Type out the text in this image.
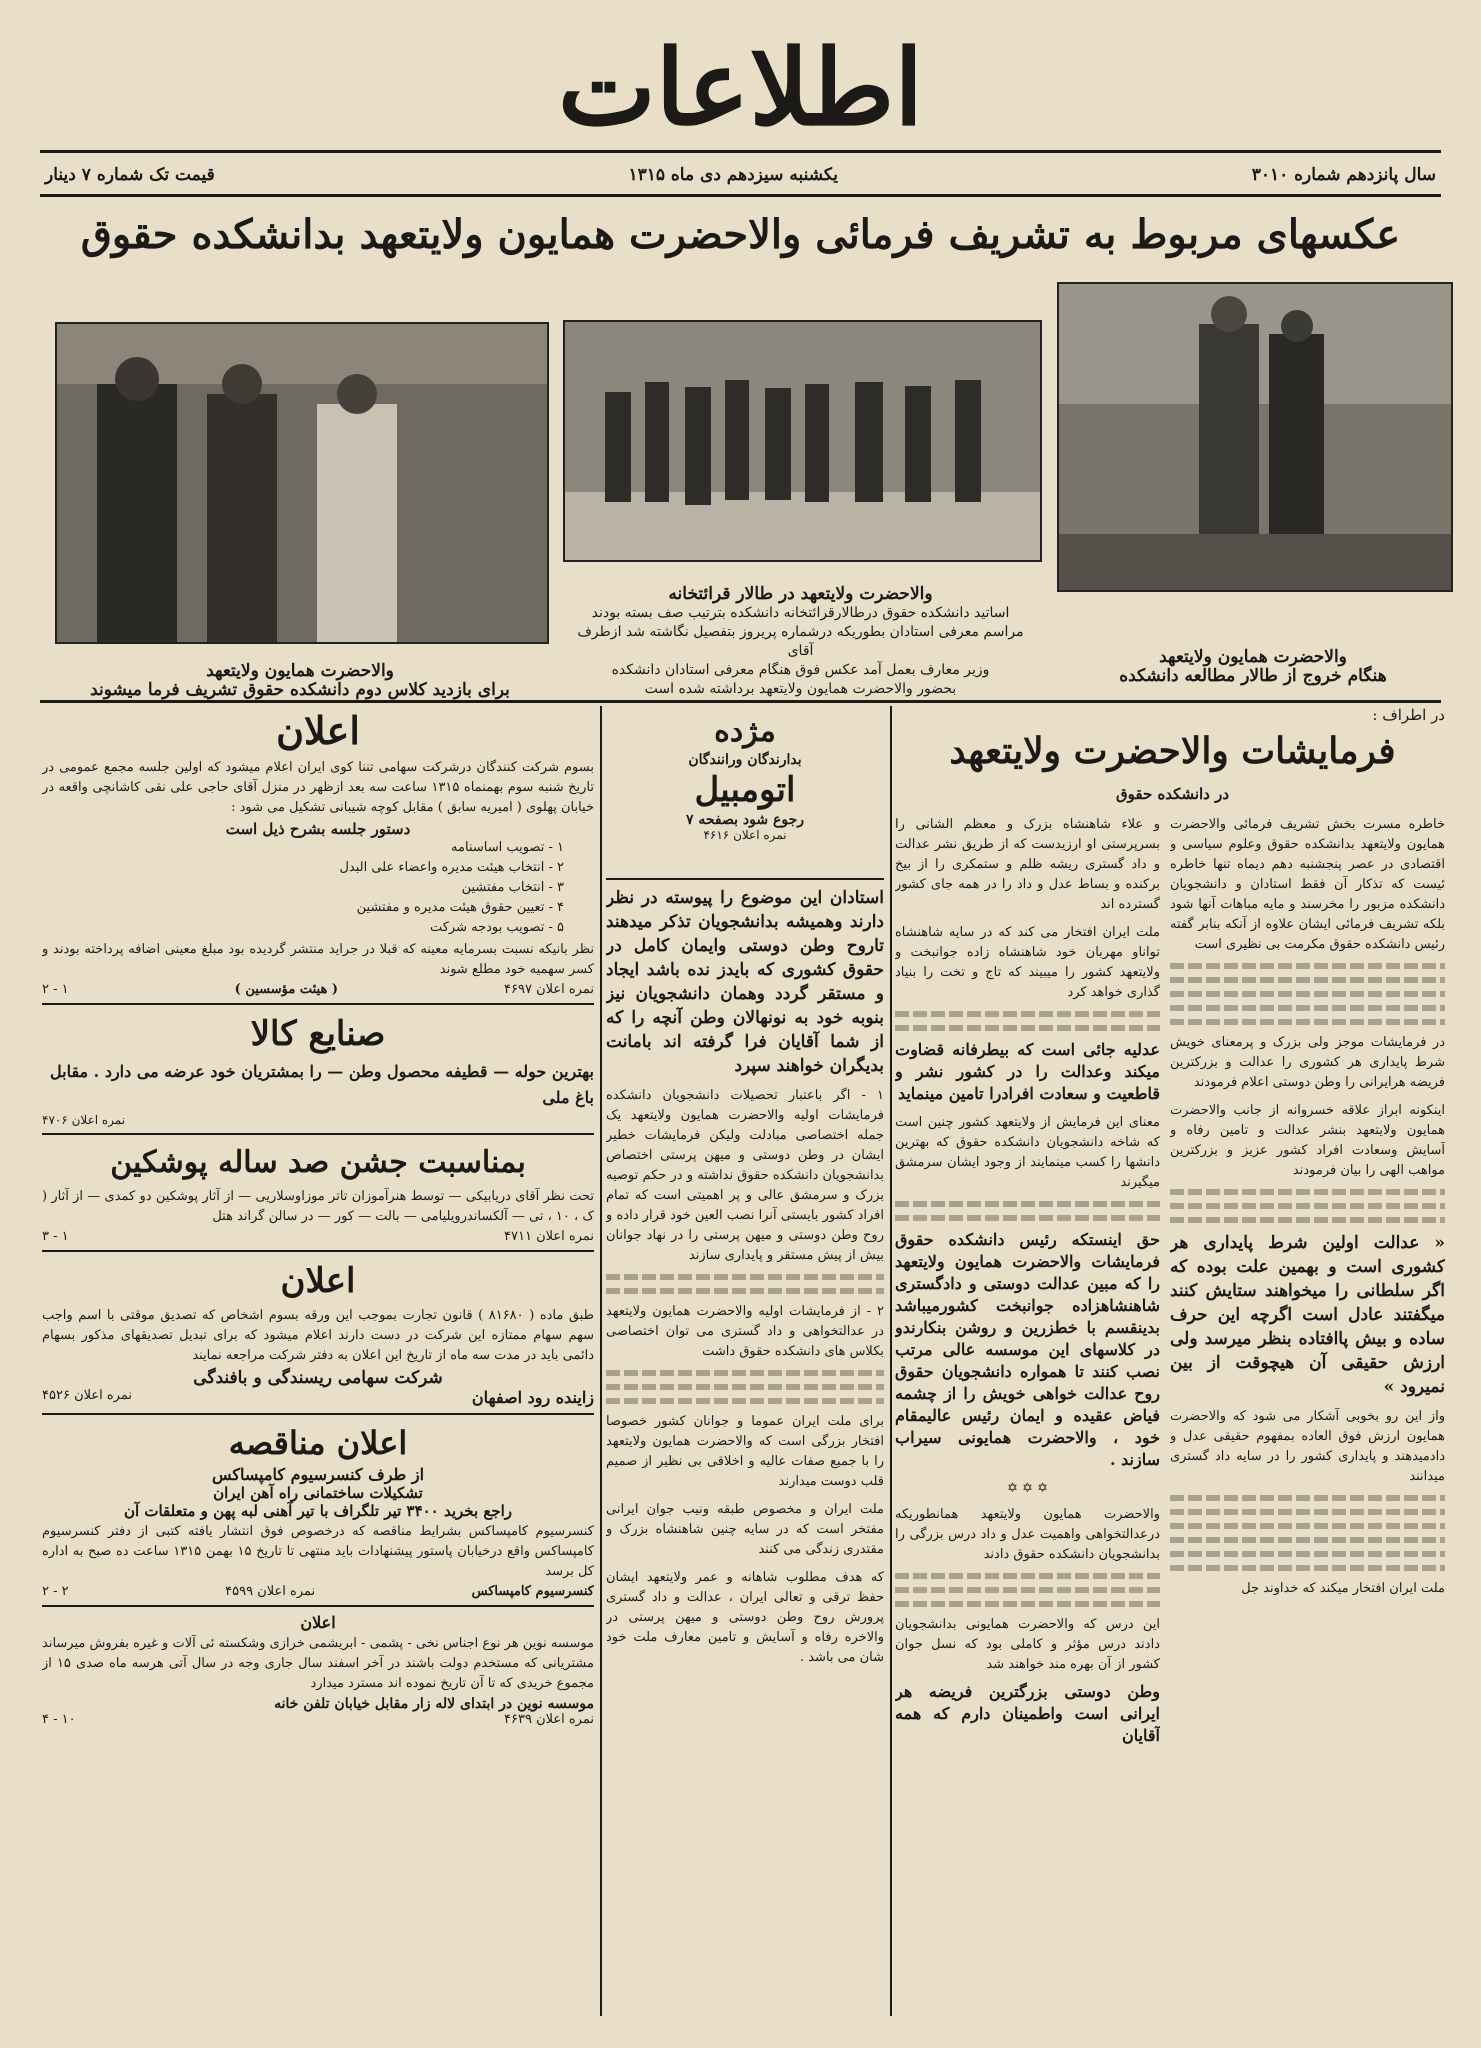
اطلاعات
سال پانزدهم شماره ۳۰۱۰
یکشنبه سیزدهم دی ماه ۱۳۱۵
قیمت تک شماره ۷ دینار
عکسهای مربوط به تشریف فرمائی والاحضرت همایون ولایتعهد بدانشکده حقوق
والاحضرت همایون ولایتعهد
هنگام خروج از طالار مطالعه دانشکده
والاحضرت ولایتعهد در طالار قرائتخانه
اساتید دانشکده حقوق درطالارقرائتخانه دانشکده بترتیب صف بسته بودند
مراسم معرفی استادان بطوریکه درشماره پریروز بتفصیل نگاشته شد ازطرف آقای
وزیر معارف بعمل آمد عکس فوق هنگام معرفی استادان دانشکده
بحضور والاحضرت همایون ولایتعهد برداشته شده است
والاحضرت همایون ولایتعهد
برای بازدید کلاس دوم دانشکده حقوق تشریف فرما میشوند
در اطراف :
فرمایشات والاحضرت ولایتعهد
در دانشکده حقوق

خاطره مسرت بخش تشریف فرمائی والاحضرت همایون ولایتعهد بدانشکده حقوق وعلوم سیاسی و اقتصادی در عصر پنجشنبه دهم دیماه تنها خاطره ئیست که تذکار آن فقط استادان و دانشجویان دانشکده مزبور را مخرسند و مایه مباهات آنها شود بلکه تشریف فرمائی ایشان علاوه از آنکه بنابر گفته رئیس دانشکده حقوق مکرمت بی نظیری است

در فرمایشات موجز ولی بزرک و پرمعنای خویش شرط پایداری هر کشوری را عدالت و بزرکترین فریضه هرایرانی را وطن دوستی اعلام فرمودند

اینکونه ابراز علاقه خسروانه از جانب والاحضرت همایون ولایتعهد بنشر عدالت و تامین رفاه و آسایش وسعادت افراد کشور عزیز و بزرکترین مواهب الهی را بیان فرمودند

« عدالت اولین شرط پایداری هر کشوری است و بهمین علت بوده که اگر سلطانی را میخواهند ستایش کنند میگفتند عادل است اگرچه این حرف ساده و بیش پاافتاده بنظر میرسد ولی ارزش حقیقی آن هیچوقت از بین نمیرود »

واز این رو بخوبی آشکار می شود که والاحضرت همایون ارزش فوق العاده بمفهوم حقیقی عدل و دادمیدهند و پایداری کشور را در سایه داد گستری میدانند

ملت ایران افتخار میکند که خداوند جل

و علاء شاهنشاه بزرک و معظم الشانی را بسرپرستی او ارزیدست که از طریق نشر عدالت و داد گستری ریشه ظلم و ستمکری را از بیخ برکنده و بساط عدل و داد را در همه جای کشور گسترده اند

ملت ایران افتخار می کند که در سایه شاهنشاه تواناو مهربان خود شاهنشاه زاده جوانبخت و ولایتعهد کشور را میبیند که تاج و تخت را بنیاد گذاری خواهد کرد

عدلیه جائی است که بیطرفانه قضاوت میکند وعدالت را در کشور نشر و قاطعیت و سعادت افرادرا تامین مینماید

معنای این فرمایش از ولایتعهد کشور چنین است که شاخه دانشجویان دانشکده حقوق که بهترین دانشها را کسب مینمایند از وجود ایشان سرمشق میگیرند

حق اینستکه رئیس دانشکده حقوق فرمایشات والاحضرت همایون ولایتعهد را که مبین عدالت دوستی و دادگستری شاهنشاهزاده جوانبخت کشورمیباشد بدینقسم با خطزرین و روشن بنکارندو در کلاسهای این موسسه عالی مرتب نصب کنند تا همواره دانشجویان حقوق روح عدالت خواهی خویش را از چشمه فیاض عقیده و ایمان رئیس عالیمقام خود ، والاحضرت همایونی سیراب سازند .

✡ ✡ ✡

والاحضرت همایون ولایتعهد همانطوریکه درعدالتخواهی واهمیت عدل و داد درس بزرگی را بدانشجویان دانشکده حقوق دادند

این درس که والاحضرت همایونی بدانشجویان دادند درس مؤثر و کاملی بود که نسل جوان کشور از آن بهره مند خواهند شد

وطن دوستی بزرگترین فریضه هر ایرانی است واطمینان دارم که همه آقایان

مژده
بدارندگان ورانندگان
اتومبیل
رجوع شود بصفحه ۷
نمره اعلان ۴۶۱۶

استادان این موضوع را پیوسته در نظر دارند وهمیشه بدانشجویان تذکر میدهند تاروح وطن دوستی وایمان کامل در حقوق کشوری که بایدز نده باشد ایجاد و مستقر گردد وهمان دانشجویان نیز بنوبه خود به نونهالان وطن آنچه را که از شما آقایان فرا گرفته اند بامانت بدیگران خواهند سپرد

۱ - اگر باعتبار تحصیلات دانشجویان دانشکده فرمایشات اولیه والاحضرت همایون ولایتعهد یک جمله اختصاصی مبادلت ولیکن فرمایشات خطیر ایشان در وطن دوستی و میهن پرستی اختصاص بدانشجویان دانشکده حقوق نداشته و در حکم توصیه بزرک و سرمشق عالی و پر اهمیتی است که تمام افراد کشور بایستی آنرا نصب العین خود قرار داده و روح وطن دوستی و میهن پرستی را در نهاد جوانان بیش از پیش مستقر و پایداری سازند

۲ - از فرمایشات اولیه والاحضرت همایون ولایتعهد در عدالتخواهی و داد گستری می توان اختصاصی بکلاس های دانشکده حقوق داشت

برای ملت ایران عموما و جوانان کشور خصوصا افتخار بزرگی است که والاحضرت همایون ولایتعهد را با جمیع صفات عالیه و اخلاقی بی نظیر از صمیم قلب دوست میدارند

ملت ایران و مخصوص طبقه ونیب جوان ایرانی مفتخر است که در سایه چنین شاهنشاه بزرک و مقتدری زندگی می کنند

که هدف مطلوب شاهانه و عمر ولایتعهد ایشان حفظ ترقی و تعالی ایران ، عدالت و داد گستری پرورش روح وطن دوستی و میهن پرستی در والاخره رفاه و آسایش و تامین معارف ملت خود شان می باشد .

اعلان

بسوم شرکت کنندگان درشرکت سهامی تننا کوی ایران اعلام میشود که اولین جلسه مجمع عمومی در تاریخ شنبه سوم بهمنماه ۱۳۱۵ ساعت سه بعد ازظهر در منزل آقای حاجی علی نقی کاشانچی واقعه در خیابان پهلوی ( امیریه سابق ) مقابل کوچه شیبانی تشکیل می شود :

دستور جلسه بشرح ذیل است
۱ - تصویب اساسنامه
۲ - انتخاب هیئت مدیره واعضاء علی البدل
۳ - انتخاب مفتشین
۴ - تعیین حقوق هیئت مدیره و مفتشین
۵ - تصویب بودجه شرکت

نظر بانیکه نسبت بسرمایه معینه که قبلا در جراید منتشر گردیده بود مبلغ معینی اضافه پرداخته بودند و کسر سهمیه خود مطلع شوند

نمره اعلان ۴۶۹۷
( هیئت مؤسسین )
۱ - ۲
صنایع کالا

بهترین حوله — قطیفه محصول وطن — را بمشتریان خود عرضه می دارد . مقابل باغ ملی

نمره اعلان ۴۷۰۶
بمناسبت جشن صد ساله پوشکین

تحت نظر آقای دریابیکی — توسط هنرآموزان تاتر موزاوسلاریی — از آثار پوشکین دو کمدی — از آثار ( ک ، ۱۰ ، تی — آلکساندرویلیامی — بالت — کور — در سالن گراند هتل

نمره اعلان ۴۷۱۱
۱ - ۳
اعلان

طبق ماده ( ۸۱۶۸۰ ) قانون تجارت بموجب این ورقه بسوم اشخاص که تصدیق موقتی با اسم واجب سهم سهام ممتازه این شرکت در دست دارند اعلام میشود که برای تبدیل تصدیقهای مذکور بسهام دائمی باید در مدت سه ماه از تاریخ این اعلان به دفتر شرکت مراجعه نمایند

شرکت سهامی ریسندگی و بافندگی
زاینده رود اصفهان
نمره اعلان ۴۵۲۶
اعلان مناقصه
از طرف کنسرسیوم کامپساکس
تشکیلات ساختمانی راه آهن ایران
راجع بخرید ۳۴۰۰ تیر تلگراف با تیر آهنی لبه پهن و متعلقات آن

کنسرسیوم کامپساکس بشرایط مناقصه که درخصوص فوق انتشار یافته کتبی از دفتر کنسرسیوم کامپساکس واقع درخیابان پاستور پیشنهادات باید منتهی تا تاریخ ۱۵ بهمن ۱۳۱۵ ساعت ده صبح به اداره کل برسد

کنسرسیوم کامپساکس
نمره اعلان ۴۵۹۹
۲ - ۲
اعلان

موسسه نوین هر نوع اجناس نخی - پشمی - ابریشمی خرازی وشکسته ئی آلات و غیره بفروش میرساند مشتریانی که مستخدم دولت باشند در آخر اسفند سال جاری وجه در سال آتی هرسه ماه صدی ۱۵ از مجموع خریدی که تا آن تاریخ نموده اند مسترد میدارد

موسسه نوین در ابتدای لاله زار مقابل خیابان تلفن خانه
نمره اعلان ۴۶۳۹
۱۰ - ۴
